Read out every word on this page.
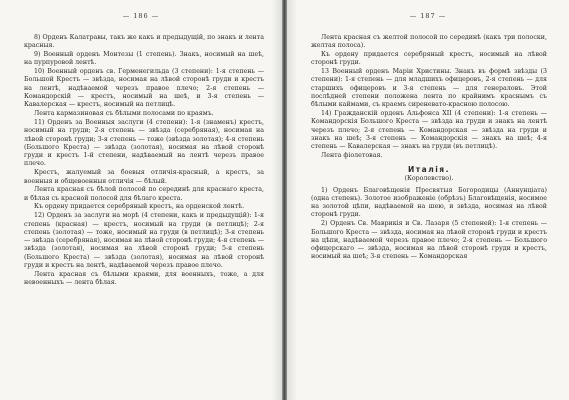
— 186 —

8) Орденъ Калатравы, такъ же какъ и предыдущій, по знакъ и лента красныя.

9) Военный орденъ Монтезы (1 степень). Знакъ, носимый на шеѣ, на пурпуровой лентѣ.

10) Военный орденъ св. Герменегильда (3 степени): 1-я степень — Большой Крестъ — звѣзда, носимая на лѣвой сторонѣ груди и крестъ на лентѣ, надѣваемой черезъ правое плечо; 2-я степень — Командорскій — крестъ, носимый на шеѣ, и 3-я степень — Кавалерская — крестъ, носимый на петлицѣ.

Лента кармазиновая съ бѣлыми полосами по краямъ.

11) Орденъ за Военныя заслуги (4 степени): 1-я (знаменъ) крестъ, носимый на груди; 2-я степень — звѣзда (серебряная), носимая на лѣвой сторонѣ груди; 3-я степень — тоже (звѣзда золотая); 4-я степень (Большого Креста) — звѣзда (золотая), носимая на лѣвой сторонѣ груди и крестъ 1-й степени, надѣваемый на лентѣ черезъ правое плечо.

Крестъ, жалуемый за боевыя отличія-красный, а крестъ, за военныя и общевоенныя отличія — бѣлый.

Лента красная съ бѣлой полосой по серединѣ для краснаго креста, и бѣлая съ красной полосой для бѣлаго креста.

Къ ордену придается серебряный крестъ, на орденской лентѣ.

12) Орденъ за заслуги на морѣ (4 степени, какъ и предыдущій): 1-я степень (красная) — крестъ, носимый на груди (в петлицѣ); 2-я степень (золотая) — тоже, носимый на груди (в петлицѣ); 3-я степень — звѣзда (серебряная), носимая на лѣвой сторонѣ груди; 4-я степень — звѣзда (золотая), носимая на лѣвой сторонѣ груди; 5-я степень (Большого Креста) — звѣзда (золотая), носимая на лѣвой сторонѣ груди и крестъ на лентѣ, надѣваемой черезъ правое плечо.

Лента красная съ бѣлыми краями, для военныхъ, тоже, а для невоенныхъ — лента бѣлая.

— 187 —

Лента красная съ желтой полосой по серединѣ (какъ три полоски, желтая полоса).

Къ ордену придается серебряный крестъ, носимый на лѣвой сторонѣ груди.

13 Военный орденъ Маріи Христины. Знакъ въ формѣ звѣзды (3 степени): 1-я степень — для младшихъ офицеровъ, 2-я степень — для старшихъ офицеровъ и 3-я степень — для генераловъ. Этой послѣдней степени положена лента по крайнимъ краснымъ съ бѣлыми каймами, съ краемъ сиреневато-красною полосою.

14) Гражданскій орденъ Альфонса XII (4 степени): 1-я степень — Командорскія Большого Креста — звѣзда на груди и знакъ на лентѣ черезъ плечо; 2-я степень — Командорская — звѣзда на груди и знакъ на шеѣ; 3-я степень — Командорскія — знакъ на шеѣ; 4-я степень — Кавалерская — знакъ на груди (въ петлицѣ).

Лента фіолетовая.

Италія.

(Королевство).

1) Орденъ Благовѣщенія Пресвятыя Богородицы (Аннунціата) (одна степень). Золотое изображеніе (обрѣзъ) Благовѣщенія, носимое на золотой цѣпи, надѣваемой на шею, и звѣзда, носимая на лѣвой сторонѣ груди.

2) Орденъ Св. Маврикія и Св. Лазаря (5 степеней): 1-я степень — Большого Креста — звѣзда, носимая на лѣвой сторонѣ груди и крестъ на цѣпи, надѣваемой черезъ правое плечо; 2-я степень — Большого офицерскаго — звѣзда, носимая на лѣвой сторонѣ груди и крестъ, носимый на шеѣ; 3-я степень — Командорская
